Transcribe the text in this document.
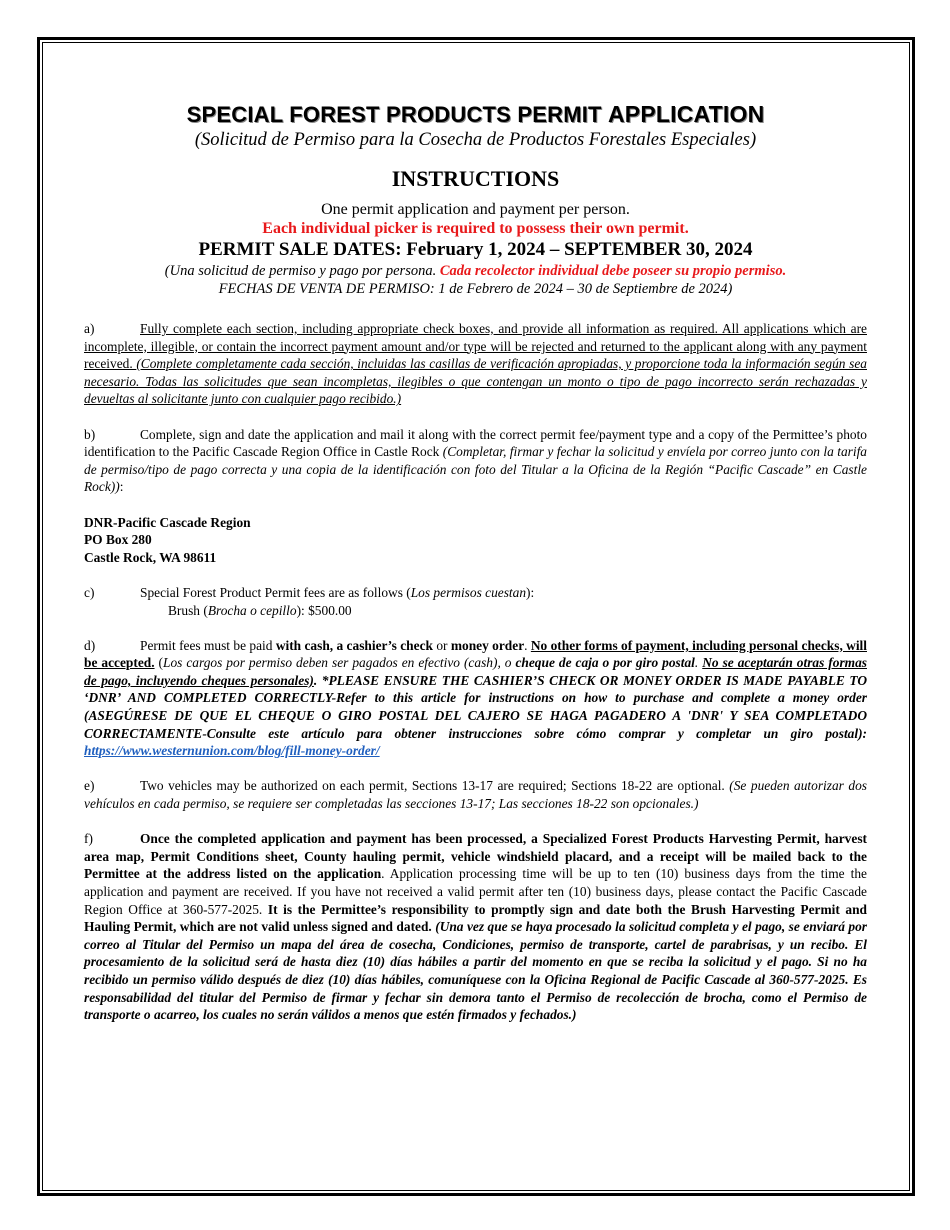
SPECIAL FOREST PRODUCTS PERMIT APPLICATION
(Solicitud de Permiso para la Cosecha de Productos Forestales Especiales)
INSTRUCTIONS
One permit application and payment per person.
Each individual picker is required to possess their own permit.
PERMIT SALE DATES: February 1, 2024 – SEPTEMBER 30, 2024
(Una solicitud de permiso y pago por persona. Cada recolector individual debe poseer su propio permiso.
FECHAS DE VENTA DE PERMISO: 1 de Febrero de 2024 – 30 de Septiembre de 2024)

a)	Fully complete each section, including appropriate check boxes, and provide all information as required. All applications which are incomplete, illegible, or contain the incorrect payment amount and/or type will be rejected and returned to the applicant along with any payment received. (Complete completamente cada sección, incluidas las casillas de verificación apropiadas, y proporcione toda la información según sea necesario. Todas las solicitudes que sean incompletas, ilegibles o que contengan un monto o tipo de pago incorrecto serán rechazadas y devueltas al solicitante junto con cualquier pago recibido.)

b)	Complete, sign and date the application and mail it along with the correct permit fee/payment type and a copy of the Permittee’s photo identification to the Pacific Cascade Region Office in Castle Rock (Completar, firmar y fechar la solicitud y envíela por correo junto con la tarifa de permiso/tipo de pago correcta y una copia de la identificación con foto del Titular a la Oficina de la Región “Pacific Cascade” en Castle Rock)):

DNR-Pacific Cascade Region
PO Box 280
Castle Rock, WA 98611
c)	Special Forest Product Permit fees are as follows (Los permisos cuestan):
Brush (Brocha o cepillo): $500.00

d)	Permit fees must be paid with cash, a cashier’s check or money order. No other forms of payment, including personal checks, will be accepted. (Los cargos por permiso deben ser pagados en efectivo (cash), o cheque de caja o por giro postal. No se aceptarán otras formas de pago, incluyendo cheques personales). *PLEASE ENSURE THE CASHIER’S CHECK OR MONEY ORDER IS MADE PAYABLE TO ‘DNR’ AND COMPLETED CORRECTLY-Refer to this article for instructions on how to purchase and complete a money order (ASEGÚRESE DE QUE EL CHEQUE O GIRO POSTAL DEL CAJERO SE HAGA PAGADERO A 'DNR' Y SEA COMPLETADO CORRECTAMENTE-Consulte este artículo para obtener instrucciones sobre cómo comprar y completar un giro postal): https://www.westernunion.com/blog/fill-money-order/

e)	Two vehicles may be authorized on each permit, Sections 13-17 are required; Sections 18-22 are optional. (Se pueden autorizar dos vehículos en cada permiso, se requiere ser completadas las secciones 13-17; Las secciones 18-22 son opcionales.)

f)	Once the completed application and payment has been processed, a Specialized Forest Products Harvesting Permit, harvest area map, Permit Conditions sheet, County hauling permit, vehicle windshield placard, and a receipt will be mailed back to the Permittee at the address listed on the application. Application processing time will be up to ten (10) business days from the time the application and payment are received. If you have not received a valid permit after ten (10) business days, please contact the Pacific Cascade Region Office at 360-577-2025. It is the Permittee’s responsibility to promptly sign and date both the Brush Harvesting Permit and Hauling Permit, which are not valid unless signed and dated. (Una vez que se haya procesado la solicitud completa y el pago, se enviará por correo al Titular del Permiso un mapa del área de cosecha, Condiciones, permiso de transporte, cartel de parabrisas, y un recibo. El procesamiento de la solicitud será de hasta diez (10) días hábiles a partir del momento en que se reciba la solicitud y el pago. Si no ha recibido un permiso válido después de diez (10) días hábiles, comuníquese con la Oficina Regional de Pacific Cascade al 360-577-2025. Es responsabilidad del titular del Permiso de firmar y fechar sin demora tanto el Permiso de recolección de brocha, como el Permiso de transporte o acarreo, los cuales no serán válidos a menos que estén firmados y fechados.)
